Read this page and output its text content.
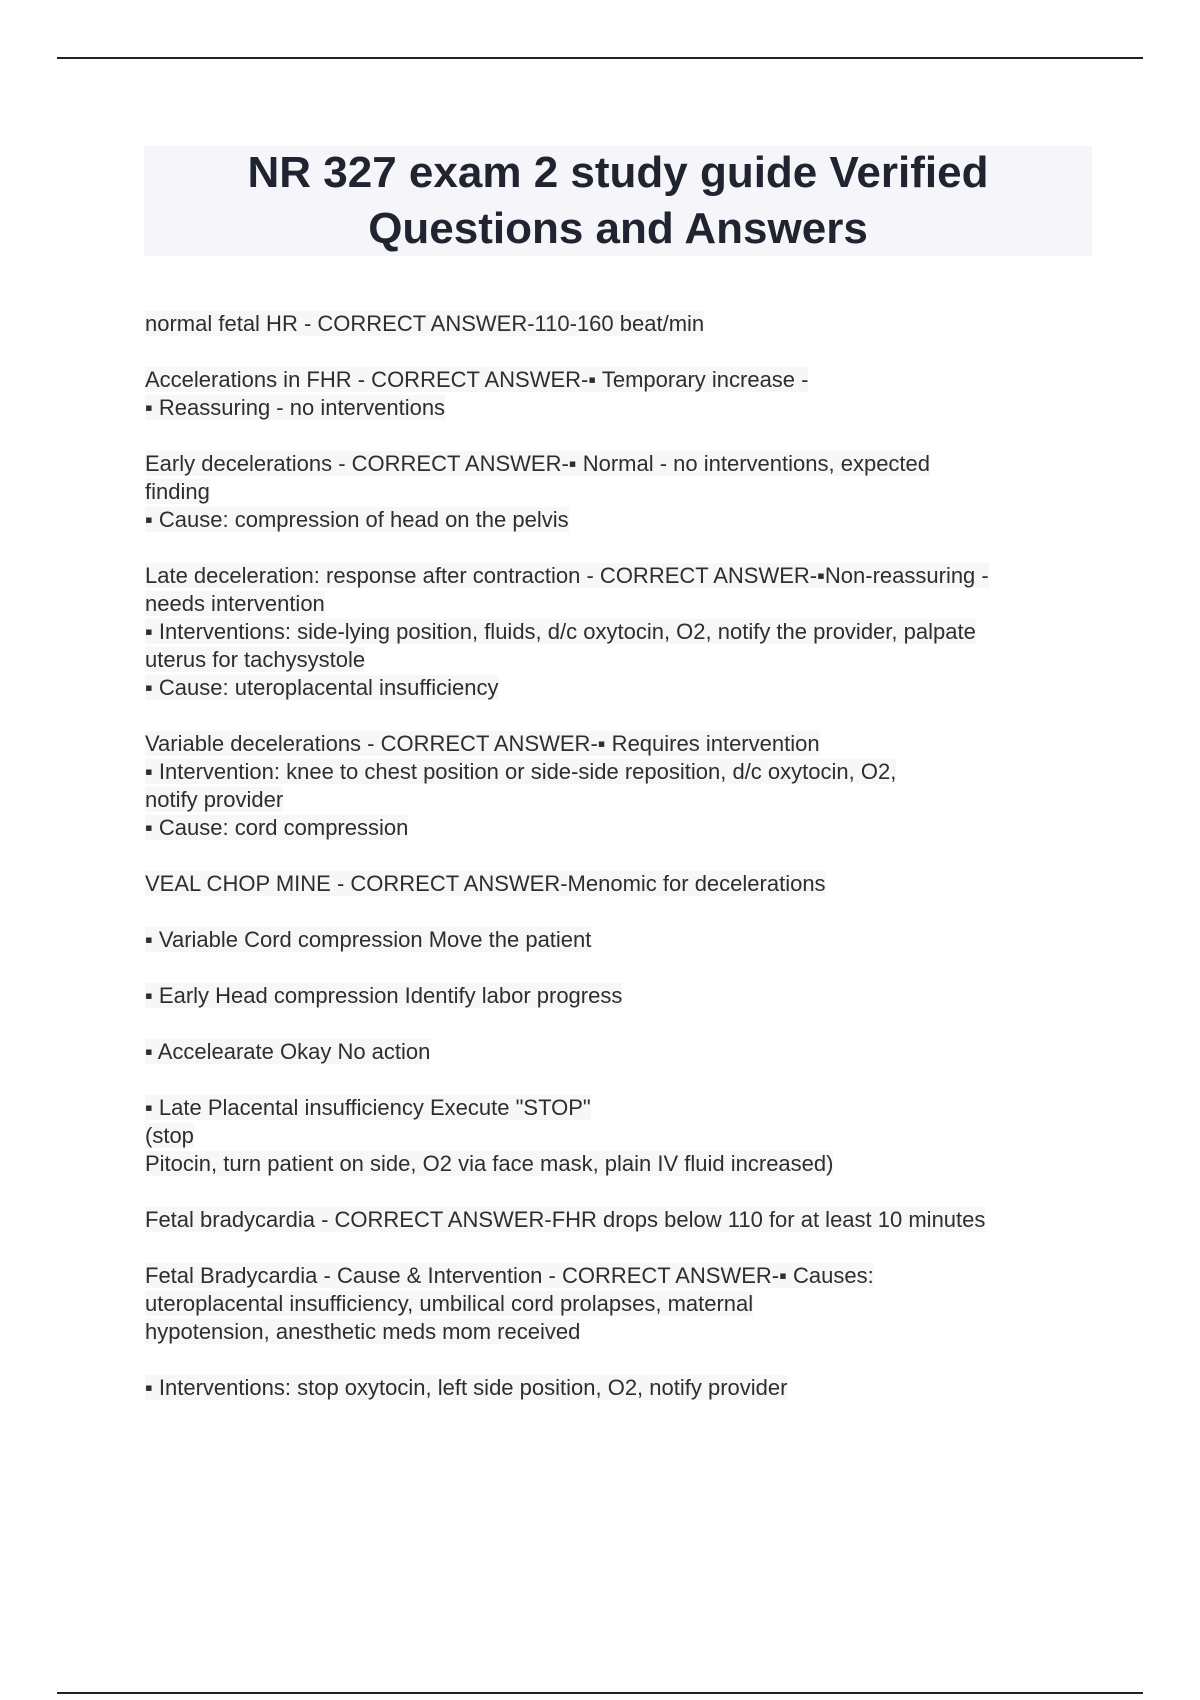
NR 327 exam 2 study guide Verified
Questions and Answers
normal fetal HR - CORRECT ANSWER-110-160 beat/min
Accelerations in FHR - CORRECT ANSWER-▪ Temporary increase -
▪ Reassuring - no interventions
Early decelerations - CORRECT ANSWER-▪ Normal - no interventions, expected
finding
▪ Cause: compression of head on the pelvis
Late deceleration: response after contraction - CORRECT ANSWER-▪Non-reassuring -
needs intervention
▪ Interventions: side-lying position, fluids, d/c oxytocin, O2, notify the provider, palpate
uterus for tachysystole
▪ Cause: uteroplacental insufficiency
Variable decelerations - CORRECT ANSWER-▪ Requires intervention
▪ Intervention: knee to chest position or side-side reposition, d/c oxytocin, O2,
notify provider
▪ Cause: cord compression
VEAL CHOP MINE - CORRECT ANSWER-Menomic for decelerations
▪ Variable Cord compression Move the patient
▪ Early Head compression Identify labor progress
▪ Accelearate Okay No action
▪ Late Placental insufficiency Execute "STOP"
(stop
Pitocin, turn patient on side, O2 via face mask, plain IV fluid increased)
Fetal bradycardia - CORRECT ANSWER-FHR drops below 110 for at least 10 minutes
Fetal Bradycardia - Cause & Intervention - CORRECT ANSWER-▪ Causes:
uteroplacental insufficiency, umbilical cord prolapses, maternal
hypotension, anesthetic meds mom received
▪ Interventions: stop oxytocin, left side position, O2, notify provider
